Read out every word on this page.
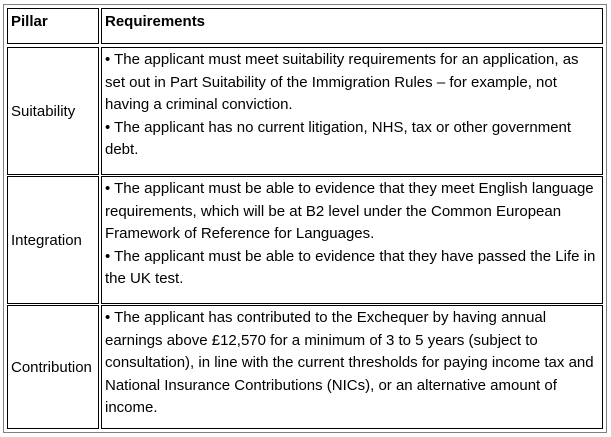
Pillar	Requirements
Suitability

• The applicant must meet suitability requirements for an application, as set out in Part Suitability of the Immigration Rules – for example, not having a criminal conviction.

• The applicant has no current litigation, NHS, tax or other government debt.

Integration

• The applicant must be able to evidence that they meet English language requirements, which will be at B2 level under the Common European Framework of Reference for Languages.

• The applicant must be able to evidence that they have passed the Life in the UK test.

Contribution

• The applicant has contributed to the Exchequer by having annual earnings above £12,570 for a minimum of 3 to 5 years (subject to consultation), in line with the current thresholds for paying income tax and National Insurance Contributions (NICs), or an alternative amount of income.
